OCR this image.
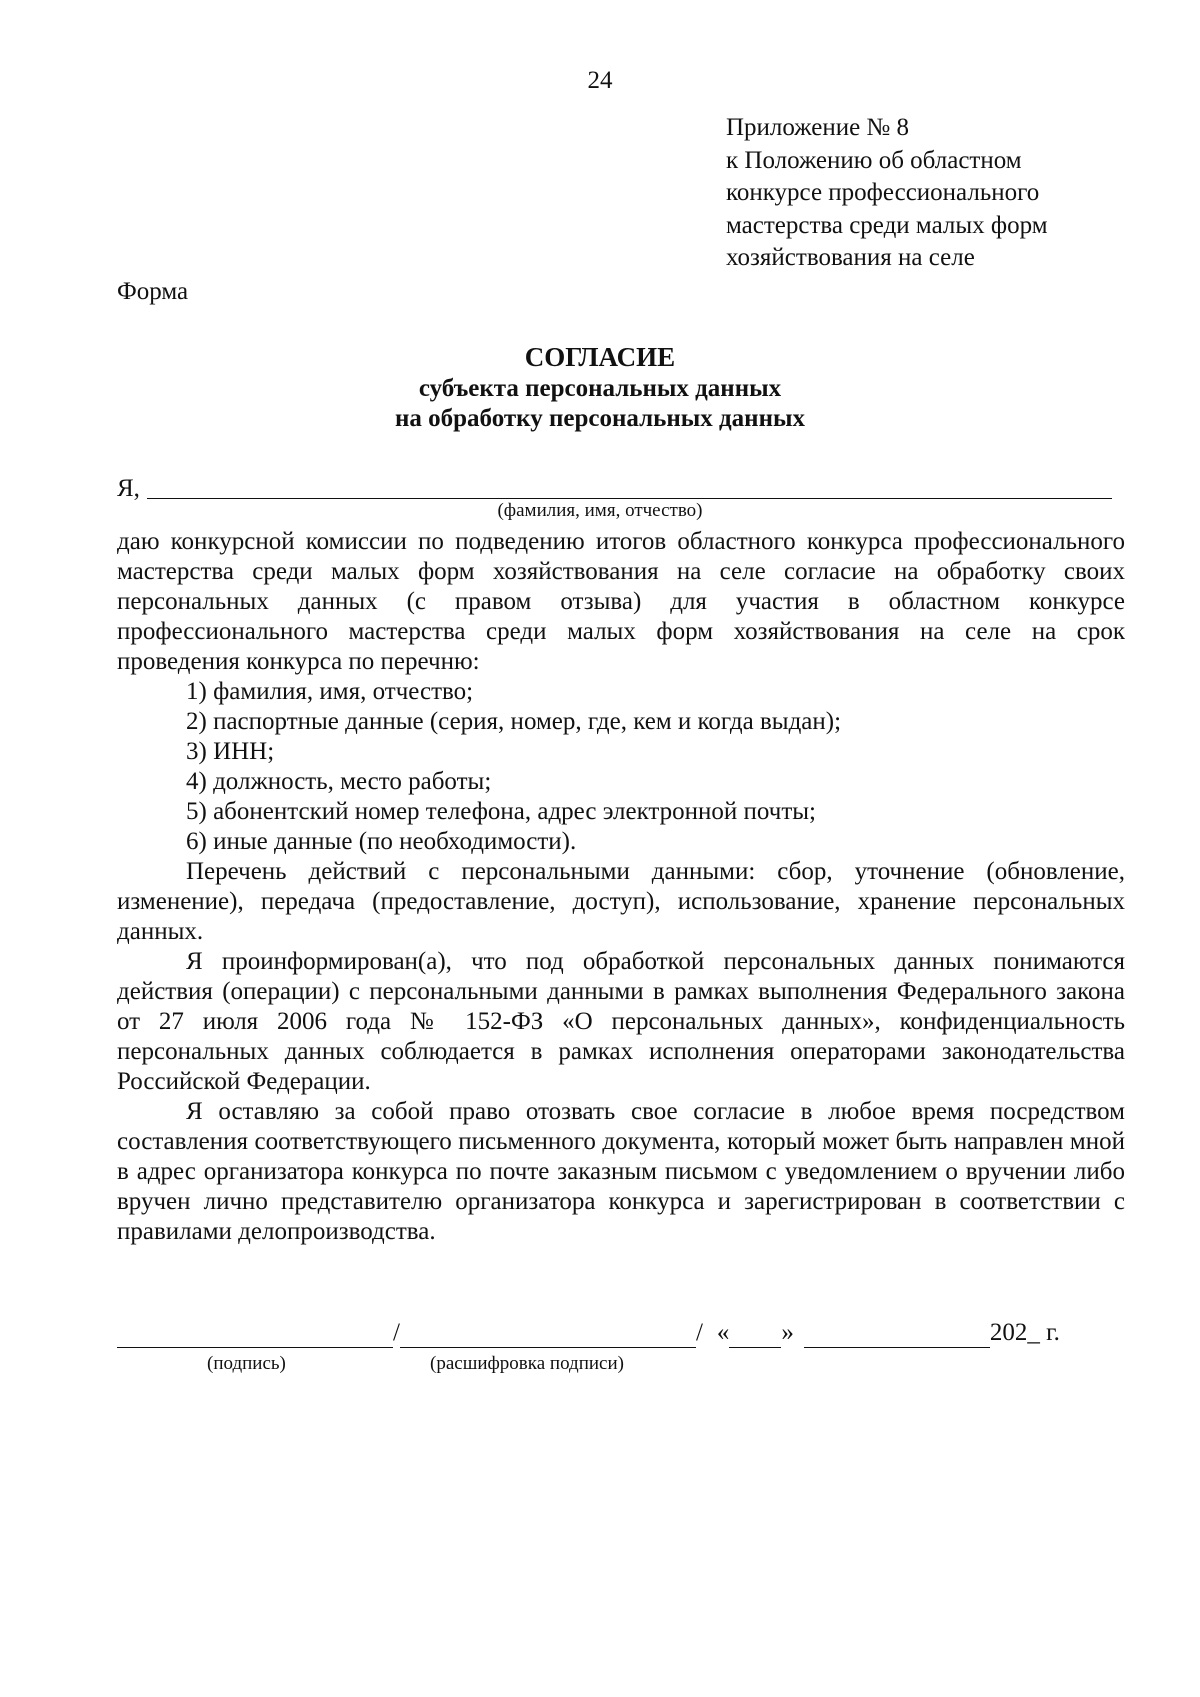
24
Приложение № 8
к Положению об областном
конкурсе профессионального
мастерства среди малых форм
хозяйствования на селе
Форма
СОГЛАСИЕ
субъекта персональных данных
на обработку персональных данных
Я,
(фамилия, имя, отчество)

даю конкурсной комиссии по подведению итогов областного конкурса профессионального мастерства среди малых форм хозяйствования на селе согласие на обработку своих персональных данных (с правом отзыва) для участия в областном конкурсе профессионального мастерства среди малых форм хозяйствования на селе на срок проведения конкурса по перечню:

1) фамилия, имя, отчество;

2) паспортные данные (серия, номер, где, кем и когда выдан);

3) ИНН;

4) должность, место работы;

5) абонентский номер телефона, адрес электронной почты;

6) иные данные (по необходимости).

Перечень действий с персональными данными: сбор, уточнение (обновление, изменение), передача (предоставление, доступ), использование, хранение персональных данных.

Я проинформирован(а), что под обработкой персональных данных понимаются действия (операции) с персональными данными в рамках выполнения Федерального закона от 27 июля 2006 года № 152-ФЗ «О персональных данных», конфиденциальность персональных данных соблюдается в рамках исполнения операторами законодательства Российской Федерации.

Я оставляю за собой право отозвать свое согласие в любое время посредством составления соответствующего письменного документа, который может быть направлен мной в адрес организатора конкурса по почте заказным письмом с уведомлением о вручении либо вручен лично представителю организатора конкурса и зарегистрирован в соответствии с правилами делопроизводства.

/	/ « »	202_ г.
(подпись)	(расшифровка подписи)
